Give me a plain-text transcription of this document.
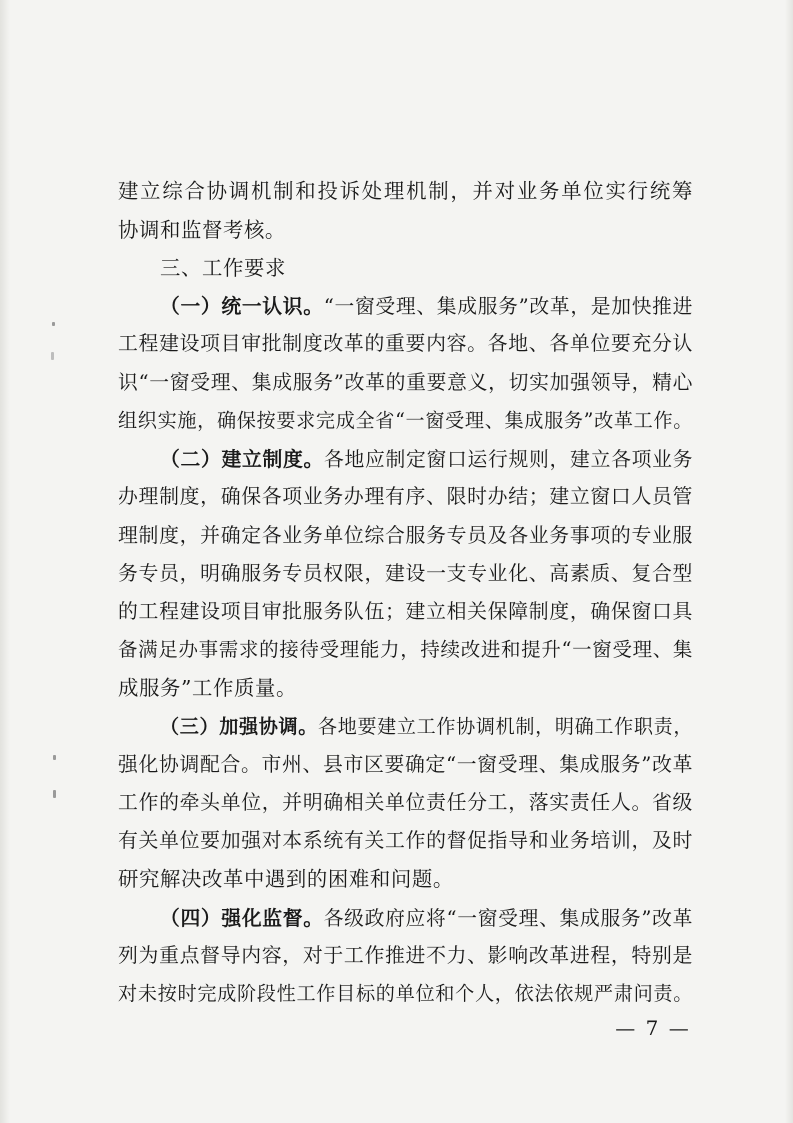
建立综合协调机制和投诉处理机制，并对业务单位实行统筹
协调和监督考核。
三、工作要求
（一）统一认识。“一窗受理、集成服务”改革，是加快推进
工程建设项目审批制度改革的重要内容。各地、各单位要充分认
识“一窗受理、集成服务”改革的重要意义，切实加强领导，精心
组织实施，确保按要求完成全省“一窗受理、集成服务”改革工作。
（二）建立制度。各地应制定窗口运行规则，建立各项业务
办理制度，确保各项业务办理有序、限时办结；建立窗口人员管
理制度，并确定各业务单位综合服务专员及各业务事项的专业服
务专员，明确服务专员权限，建设一支专业化、高素质、复合型
的工程建设项目审批服务队伍；建立相关保障制度，确保窗口具
备满足办事需求的接待受理能力，持续改进和提升“一窗受理、集
成服务”工作质量。
（三）加强协调。各地要建立工作协调机制，明确工作职责，
强化协调配合。市州、县市区要确定“一窗受理、集成服务”改革
工作的牵头单位，并明确相关单位责任分工，落实责任人。省级
有关单位要加强对本系统有关工作的督促指导和业务培训，及时
研究解决改革中遇到的困难和问题。
（四）强化监督。各级政府应将“一窗受理、集成服务”改革
列为重点督导内容，对于工作推进不力、影响改革进程，特别是
对未按时完成阶段性工作目标的单位和个人，依法依规严肃问责。
— 7 —
